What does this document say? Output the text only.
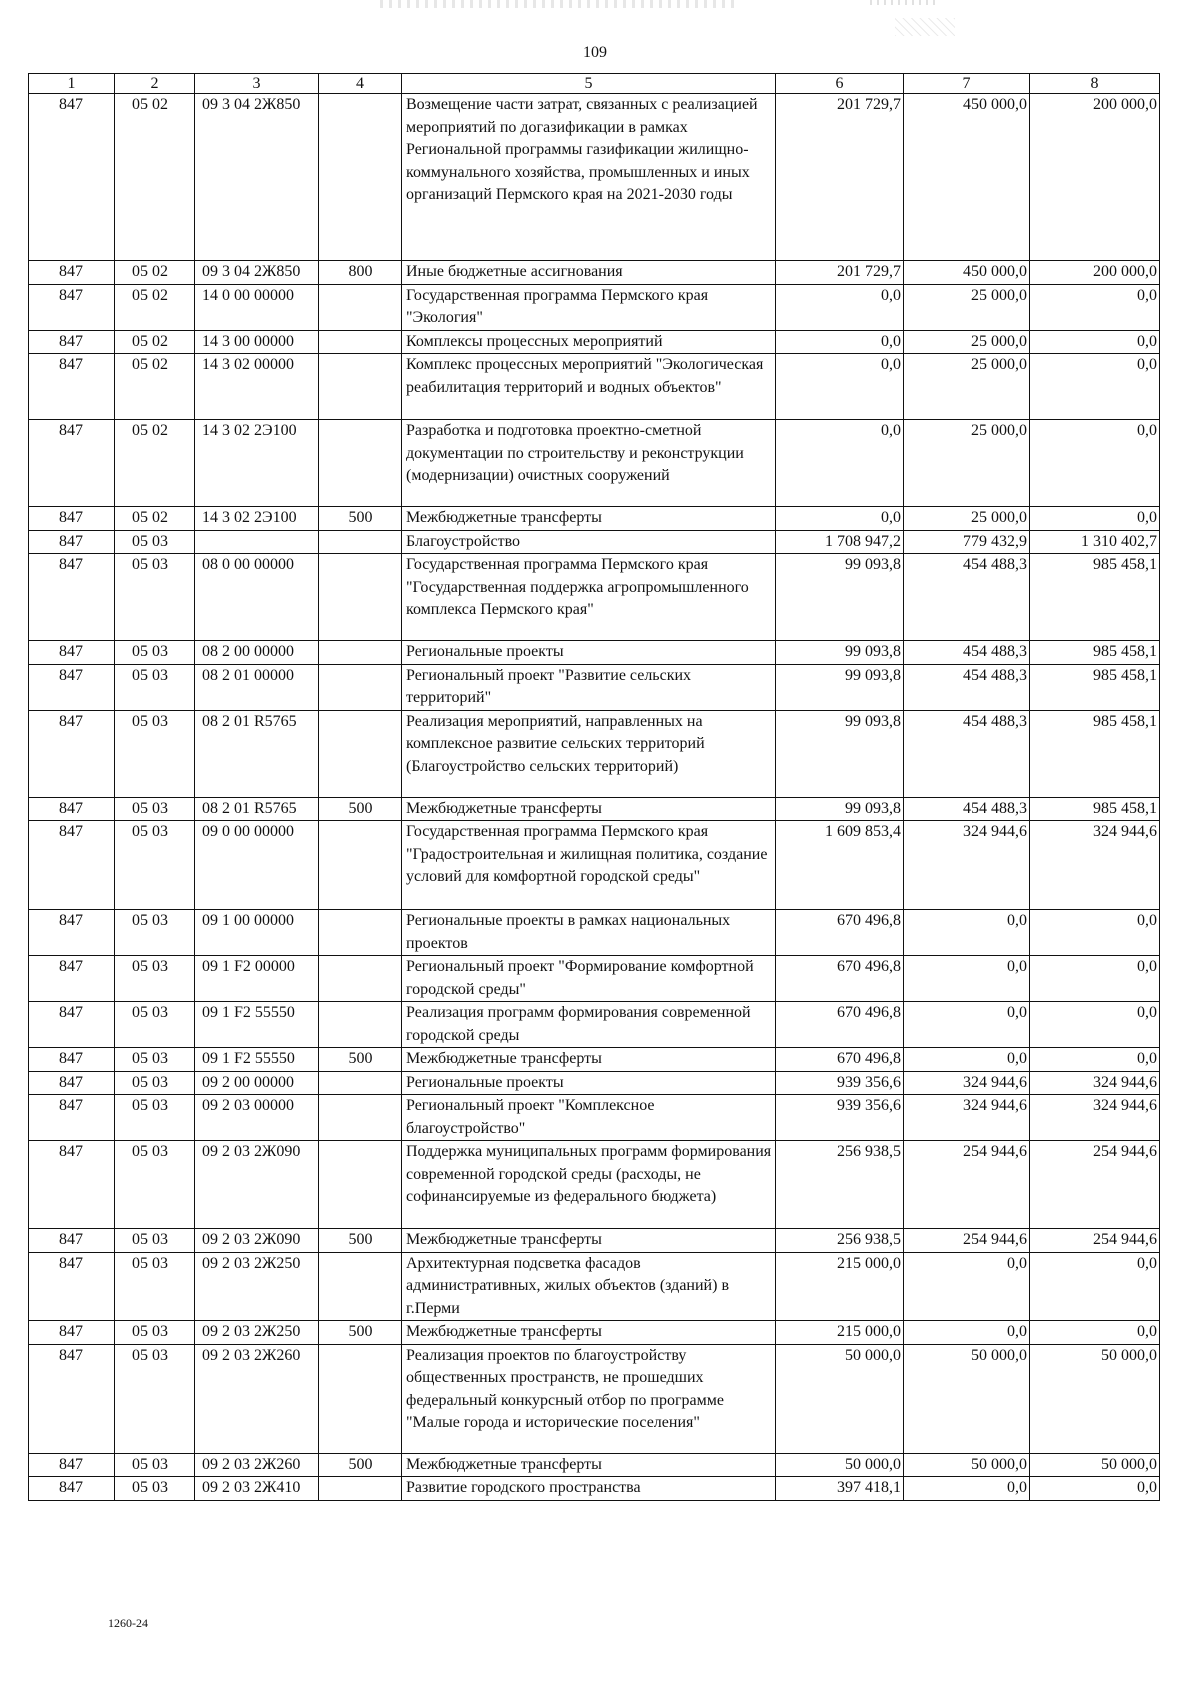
109
1	2	3	4	5	6	7	8
847	05 02	09 3 04 2Ж850		Возмещение части затрат, связанных с реализацией мероприятий по догазификации в рамках Региональной программы газификации жилищно-коммунального хозяйства, промышленных и иных организаций Пермского края на 2021-2030 годы	201 729,7	450 000,0	200 000,0
847	05 02	09 3 04 2Ж850	800	Иные бюджетные ассигнования	201 729,7	450 000,0	200 000,0
847	05 02	14 0 00 00000		Государственная программа Пермского края "Экология"	0,0	25 000,0	0,0
847	05 02	14 3 00 00000		Комплексы процессных мероприятий	0,0	25 000,0	0,0
847	05 02	14 3 02 00000		Комплекс процессных мероприятий "Экологическая реабилитация территорий и водных объектов"	0,0	25 000,0	0,0
847	05 02	14 3 02 2Э100		Разработка и подготовка проектно-сметной документации по строительству и реконструкции (модернизации) очистных сооружений	0,0	25 000,0	0,0
847	05 02	14 3 02 2Э100	500	Межбюджетные трансферты	0,0	25 000,0	0,0
847	05 03			Благоустройство	1 708 947,2	779 432,9	1 310 402,7
847	05 03	08 0 00 00000		Государственная программа Пермского края "Государственная поддержка агропромышленного комплекса Пермского края"	99 093,8	454 488,3	985 458,1
847	05 03	08 2 00 00000		Региональные проекты	99 093,8	454 488,3	985 458,1
847	05 03	08 2 01 00000		Региональный проект "Развитие сельских территорий"	99 093,8	454 488,3	985 458,1
847	05 03	08 2 01 R5765		Реализация мероприятий, направленных на комплексное развитие сельских территорий (Благоустройство сельских территорий)	99 093,8	454 488,3	985 458,1
847	05 03	08 2 01 R5765	500	Межбюджетные трансферты	99 093,8	454 488,3	985 458,1
847	05 03	09 0 00 00000		Государственная программа Пермского края "Градостроительная и жилищная политика, создание условий для комфортной городской среды"	1 609 853,4	324 944,6	324 944,6
847	05 03	09 1 00 00000		Региональные проекты в рамках национальных проектов	670 496,8	0,0	0,0
847	05 03	09 1 F2 00000		Региональный проект "Формирование комфортной городской среды"	670 496,8	0,0	0,0
847	05 03	09 1 F2 55550		Реализация программ формирования современной городской среды	670 496,8	0,0	0,0
847	05 03	09 1 F2 55550	500	Межбюджетные трансферты	670 496,8	0,0	0,0
847	05 03	09 2 00 00000		Региональные проекты	939 356,6	324 944,6	324 944,6
847	05 03	09 2 03 00000		Региональный проект "Комплексное благоустройство"	939 356,6	324 944,6	324 944,6
847	05 03	09 2 03 2Ж090		Поддержка муниципальных программ формирования современной городской среды (расходы, не софинансируемые из федерального бюджета)	256 938,5	254 944,6	254 944,6
847	05 03	09 2 03 2Ж090	500	Межбюджетные трансферты	256 938,5	254 944,6	254 944,6
847	05 03	09 2 03 2Ж250		Архитектурная подсветка фасадов административных, жилых объектов (зданий) в г.Перми	215 000,0	0,0	0,0
847	05 03	09 2 03 2Ж250	500	Межбюджетные трансферты	215 000,0	0,0	0,0
847	05 03	09 2 03 2Ж260		Реализация проектов по благоустройству общественных пространств, не прошедших федеральный конкурсный отбор по программе "Малые города и исторические поселения"	50 000,0	50 000,0	50 000,0
847	05 03	09 2 03 2Ж260	500	Межбюджетные трансферты	50 000,0	50 000,0	50 000,0
847	05 03	09 2 03 2Ж410		Развитие городского пространства	397 418,1	0,0	0,0
1260-24
